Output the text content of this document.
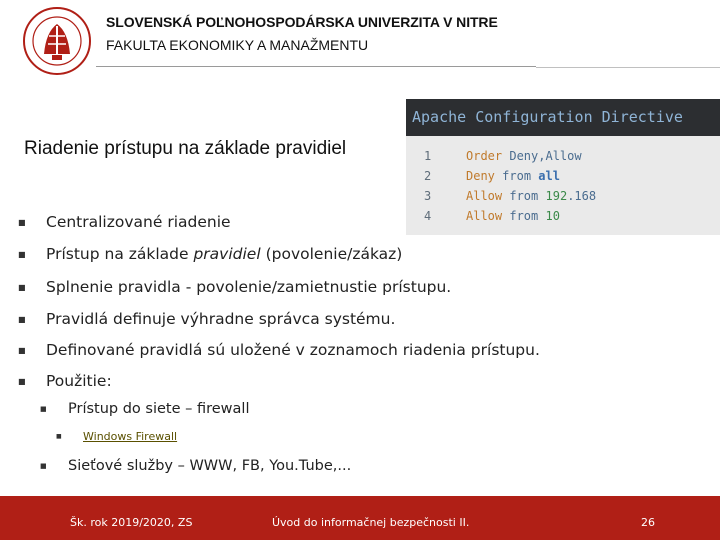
SLOVENSKÁ POĽNOHOSPODÁRSKA UNIVERZITA V NITRE
FAKULTA EKONOMIKY A MANAŽMENTU
Riadenie prístupu na základe pravidiel
Apache Configuration Directive
1	Order Deny,Allow
2	Deny from all
3	Allow from 192.168
4	Allow from 10
■ Centralizované riadenie
■ Prístup na základe pravidiel (povolenie/zákaz)
■ Splnenie pravidla - povolenie/zamietnustie prístupu.
■ Pravidlá definuje výhradne správca systému.
■ Definované pravidlá sú uložené v zoznamoch riadenia prístupu.
■ Použitie:
■ Prístup do siete – firewall
■ Windows Firewall
■ Sieťové služby – WWW, FB, You.Tube,...
Šk. rok 2019/2020, ZS	Úvod do informačnej bezpečnosti II.	26
